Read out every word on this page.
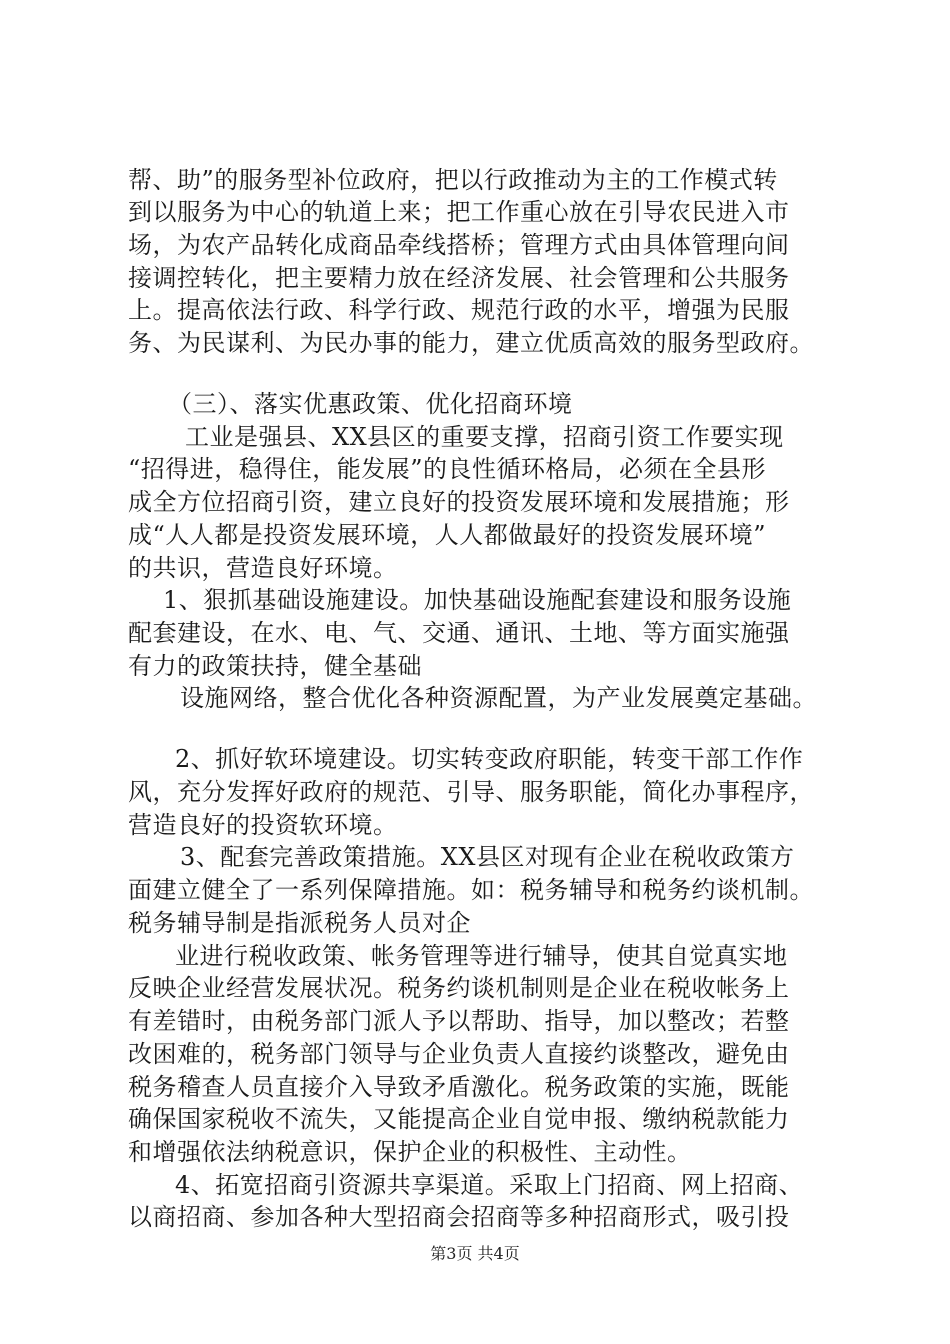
帮、助”的服务型补位政府，把以行政推动为主的工作模式转
到以服务为中心的轨道上来；把工作重心放在引导农民进入市
场，为农产品转化成商品牵线搭桥；管理方式由具体管理向间
接调控转化，把主要精力放在经济发展、社会管理和公共服务
上。提高依法行政、科学行政、规范行政的水平，增强为民服
务、为民谋利、为民办事的能力，建立优质高效的服务型政府。
（三）、落实优惠政策、优化招商环境
工业是强县、XX县区的重要支撑，招商引资工作要实现
“招得进，稳得住，能发展”的良性循环格局，必须在全县形
成全方位招商引资，建立良好的投资发展环境和发展措施；形
成“人人都是投资发展环境，人人都做最好的投资发展环境”
的共识，营造良好环境。
1、狠抓基础设施建设。加快基础设施配套建设和服务设施
配套建设，在水、电、气、交通、通讯、土地、等方面实施强
有力的政策扶持，健全基础
设施网络，整合优化各种资源配置，为产业发展奠定基础。
2、抓好软环境建设。切实转变政府职能，转变干部工作作
风，充分发挥好政府的规范、引导、服务职能，简化办事程序，
营造良好的投资软环境。
3、配套完善政策措施。XX县区对现有企业在税收政策方
面建立健全了一系列保障措施。如：税务辅导和税务约谈机制。
税务辅导制是指派税务人员对企
业进行税收政策、帐务管理等进行辅导，使其自觉真实地
反映企业经营发展状况。税务约谈机制则是企业在税收帐务上
有差错时，由税务部门派人予以帮助、指导，加以整改；若整
改困难的，税务部门领导与企业负责人直接约谈整改，避免由
税务稽查人员直接介入导致矛盾激化。税务政策的实施，既能
确保国家税收不流失，又能提高企业自觉申报、缴纳税款能力
和增强依法纳税意识，保护企业的积极性、主动性。
4、拓宽招商引资源共享渠道。采取上门招商、网上招商、
以商招商、参加各种大型招商会招商等多种招商形式，吸引投
第3页 共4页
